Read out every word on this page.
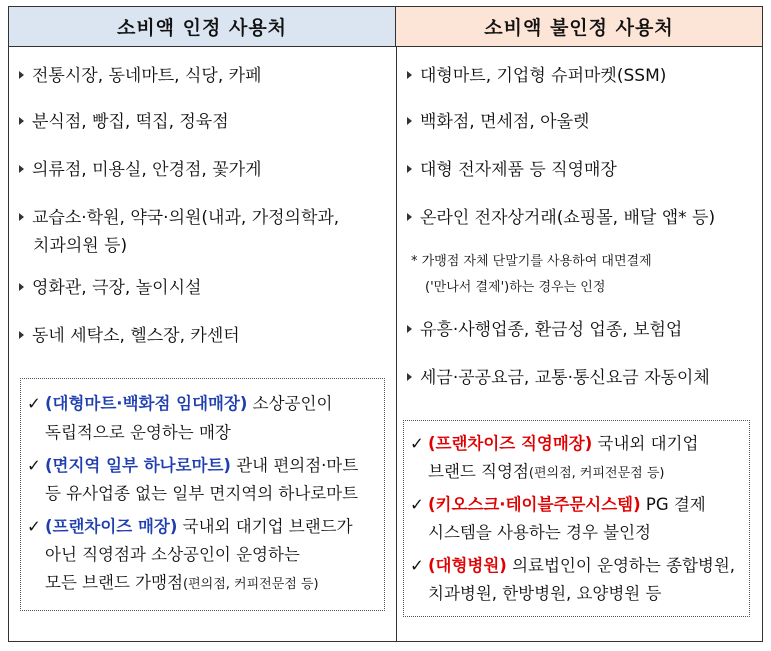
소비액 인정 사용처	소비액 불인정 사용처
전통시장, 동네마트, 식당, 카페
분식점, 빵집, 떡집, 정육점
의류점, 미용실, 안경점, 꽃가게
교습소·학원, 약국·의원(내과, 가정의학과,
치과의원 등)
영화관, 극장, 놀이시설
동네 세탁소, 헬스장, 카센터
✓ (대형마트·백화점 임대매장) 소상공인이
독립적으로 운영하는 매장
✓ (면지역 일부 하나로마트) 관내 편의점·마트
등 유사업종 없는 일부 면지역의 하나로마트
✓ (프랜차이즈 매장) 국내외 대기업 브랜드가
아닌 직영점과 소상공인이 운영하는
모든 브랜드 가맹점(편의점, 커피전문점 등)
대형마트, 기업형 슈퍼마켓(SSM)
백화점, 면세점, 아울렛
대형 전자제품 등 직영매장
온라인 전자상거래(쇼핑몰, 배달 앱* 등)
* 가맹점 자체 단말기를 사용하여 대면결제
('만나서 결제')하는 경우는 인정
유흥·사행업종, 환금성 업종, 보험업
세금·공공요금, 교통·통신요금 자동이체
✓ (프랜차이즈 직영매장) 국내외 대기업
브랜드 직영점(편의점, 커피전문점 등)
✓ (키오스크·테이블주문시스템) PG 결제
시스템을 사용하는 경우 불인정
✓ (대형병원) 의료법인이 운영하는 종합병원,
치과병원, 한방병원, 요양병원 등
